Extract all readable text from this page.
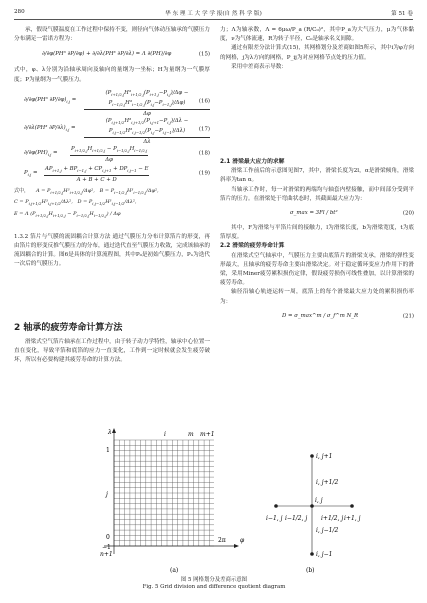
280	华 东 理 工 大 学 学 报(自 然 科 学 版)	第 51 卷

承，假设气膜温度在工作过程中保持不变，则径向气体动压轴承的气膜压力分布满足一雷诺方程为：

∂/∂φ(PH³ ∂P/∂φ) + ∂/∂λ(PH³ ∂P/∂λ) = Λ ∂(PH)/∂φ	(15)

式中，φ、λ分别为沿轴承周向及轴向的量纲为一坐标；H为量纲为一气膜厚度；P为量纲为一气膜压力。

∂/∂φ(PH³ $\partial P/\partial\varphi)_{i,j}$ =
$(P_{i+1/2,j}H^3_{i+1/2,j}(P_{i+1,j}-P_{i,j})/\Delta\varphi - P_{i-1/2,j}H^3_{i-1/2,j}(P_{i,j}-P_{i-1,j})/\Delta\varphi)$
Δφ
(16)
∂/∂λ(PH³ $\partial P/\partial\lambda)_{i,j}$ =
$(P_{i,j+1/2}H^3_{i,j+1/2}(P_{i,j+1}-P_{i,j})/\Delta\lambda - P_{i,j-1/2}H^3_{i,j-1/2}(P_{i,j}-P_{i,j-1})/\Delta\lambda)$
Δλ
(17)
$\partial/\partial\varphi(PH)_{i,j}$ =
$P_{i+1/2,j}H_{i+1/2,j} - P_{i-1/2,j}H_{i-1/2,j}$
Δφ
(18)
$P_{i,j}$ =
$AP_{i+1,j} + BP_{i-1,j} + CP_{i,j+1} + DP_{i,j-1} - E$
A + B + C + D
(19)
式中， $A = P_{i+1/2,j}H^3_{i+1/2,j}$/Δφ²,   $B = P_{i-1/2,j}H^3_{i-1/2,j}$/Δφ²,
$C = P_{i,j+1/2}H^3_{i,j+1/2}$/Δλ²,   $D = P_{i,j-1/2}H^3_{i,j-1/2}$/Δλ²,
E = Λ $(P_{i+1/2,j}H_{i+1/2,j} - P_{i-1/2,j}H_{i-1/2,j}) / \Delta\varphi$

1.3.2 箔片与气膜的流固耦合计算方法 通过气膜压力分布计算箔片的形变，再由箔片的形变反推气膜压力的分布，通过迭代直至气膜压力收敛，完成该轴承的流固耦合的计算。图6是具体的计算流程图，其中P₀是初始气膜压力，Pₙ为迭代一次后的气膜压力。

2 轴承的疲劳寿命计算方法

滑梁式空气箔片轴承在工作过程中，由于转子动力学特性，轴承中心位置一直在变化，导致平箔和底箔的应力一直变化，工作到一定时候就会发生疲劳破坏，所以有必要构建其疲劳寿命的计算方法。

力；Λ为轴承数，Λ = 6μω/P_a (R/C₀)²，其中P_a为大气压力，μ为气体黏度，ν为气体流速，R为转子半径，C₀是轴承名义间隙。

通过有限差分法计算式(15)，其网格划分及差商如图5所示，其中i为φ方向的网格，j为λ方向的网格，P_ij为对应网格节点处的压力值。

采用中差商表示导数：

2.1 滑梁最大应力的求解

滑梁工作前后的示意图见图7，其中，滑梁长度为2l，α是滑梁倾角，滑梁斜率为tan α。

当轴承工作时，每一对滑梁的两端均与轴套内壁接触，而中间部分受到平箔片的压力。在滑梁处于弯曲状态时，其截面最大应力为：

σ_max = 3Fl / bt²	(20)

其中，F为滑梁与平箔片间的接触力，l为滑梁长度，b为滑梁宽度，t为底箔厚度。

2.2 滑梁的疲劳寿命计算

在滑梁式空气轴承中，气膜压力主要由底箔片的滑梁支承，滑梁的弹性变形最大，且轴承的疲劳寿命主要由滑梁决定。对于稳定循环变应力作用下的滑梁，采用Miner疲劳累积损伤定律，假设疲劳损伤可线性叠加，以计算滑梁的疲劳寿命。

轴径沿轴心轨迹运转一周，底箔上的每个滑梁最大应力处的累积损伤率为：

D = σ_max^m / σ_f^m N_R	(21)
λ
φ
2π
m+1
n+1
1
0
−1
i
j
m
(a)
i, j+1
i, j+1/2
i−1, j i−1/2, j
i, j
i+1/2, j i+1, j
i, j−1/2
i, j−1
(b)
图 5 网格划分及差商示意图
Fig. 5 Grid division and difference quotient diagram
